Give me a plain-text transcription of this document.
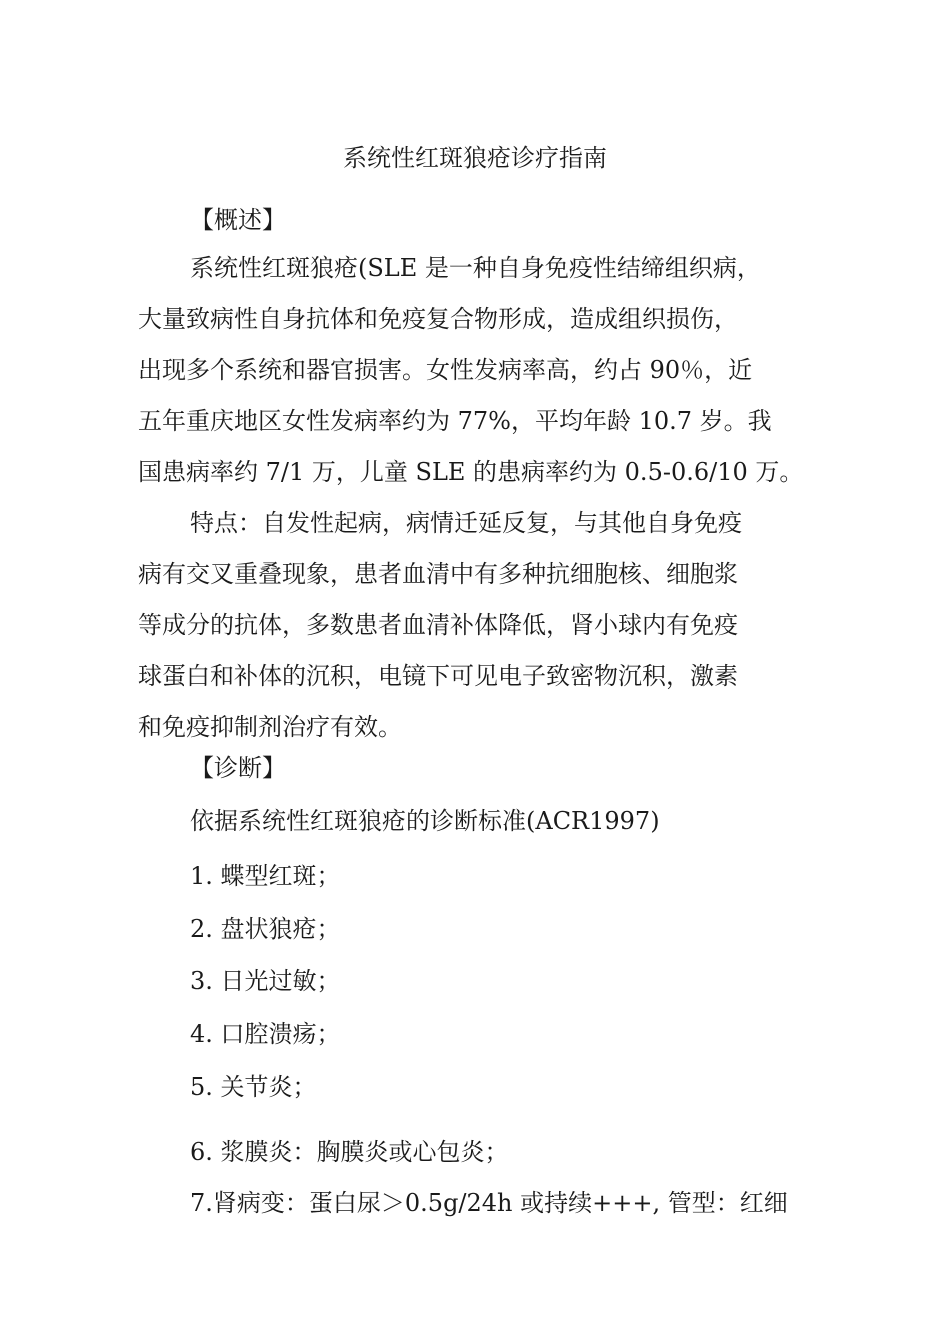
系统性红斑狼疮诊疗指南
【概述】
系统性红斑狼疮(SLE 是一种自身免疫性结缔组织病，
大量致病性自身抗体和免疫复合物形成，造成组织损伤，
出现多个系统和器官损害。女性发病率高，约占 90％，近
五年重庆地区女性发病率约为 77%，平均年龄 10.7 岁。我
国患病率约 7/1 万，儿童 SLE 的患病率约为 0.5-0.6/10 万。
特点：自发性起病，病情迁延反复，与其他自身免疫
病有交叉重叠现象，患者血清中有多种抗细胞核、细胞浆
等成分的抗体，多数患者血清补体降低，肾小球内有免疫
球蛋白和补体的沉积，电镜下可见电子致密物沉积，激素
和免疫抑制剂治疗有效。
【诊断】
依据系统性红斑狼疮的诊断标准(ACR1997)
1. 蝶型红斑；
2. 盘状狼疮；
3. 日光过敏；
4. 口腔溃疡；
5. 关节炎；
6. 浆膜炎：胸膜炎或心包炎；
7.肾病变：蛋白尿＞0.5g/24h 或持续+++, 管型：红细
